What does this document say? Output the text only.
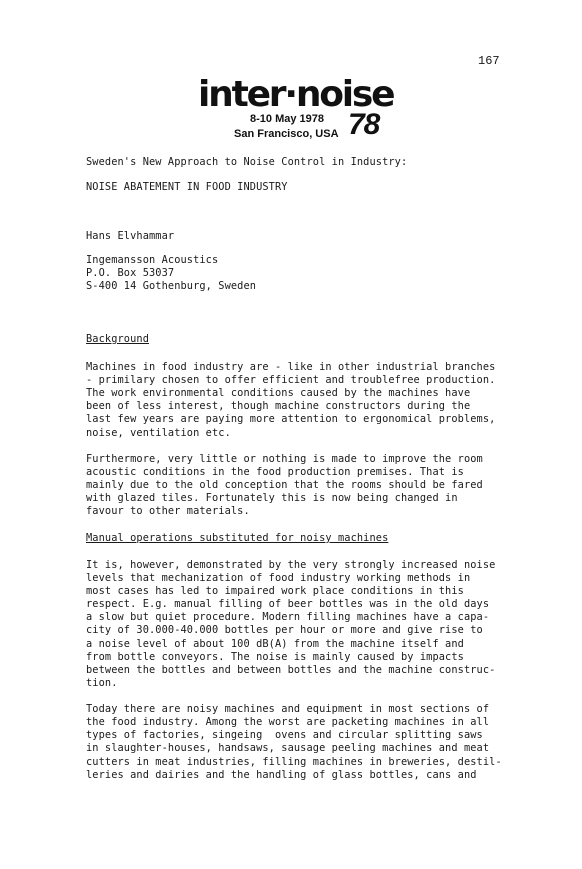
167
inter·noise
8-10 May 1978
San Francisco, USA 78
Sweden's New Approach to Noise Control in Industry:
NOISE ABATEMENT IN FOOD INDUSTRY
Hans Elvhammar
Ingemansson Acoustics
P.O. Box 53037
S-400 14 Gothenburg, Sweden
Background
Machines in food industry are - like in other industrial branches
- primilary chosen to offer efficient and troublefree production.
The work environmental conditions caused by the machines have
been of less interest, though machine constructors during the
last few years are paying more attention to ergonomical problems,
noise, ventilation etc.
Furthermore, very little or nothing is made to improve the room
acoustic conditions in the food production premises. That is
mainly due to the old conception that the rooms should be fared
with glazed tiles. Fortunately this is now being changed in
favour to other materials.
Manual operations substituted for noisy machines
It is, however, demonstrated by the very strongly increased noise
levels that mechanization of food industry working methods in
most cases has led to impaired work place conditions in this
respect. E.g. manual filling of beer bottles was in the old days
a slow but quiet procedure. Modern filling machines have a capa-
city of 30.000-40.000 bottles per hour or more and give rise to
a noise level of about 100 dB(A) from the machine itself and
from bottle conveyors. The noise is mainly caused by impacts
between the bottles and between bottles and the machine construc-
tion.
Today there are noisy machines and equipment in most sections of
the food industry. Among the worst are packeting machines in all
types of factories, singeing  ovens and circular splitting saws
in slaughter-houses, handsaws, sausage peeling machines and meat
cutters in meat industries, filling machines in breweries, destil-
leries and dairies and the handling of glass bottles, cans and
